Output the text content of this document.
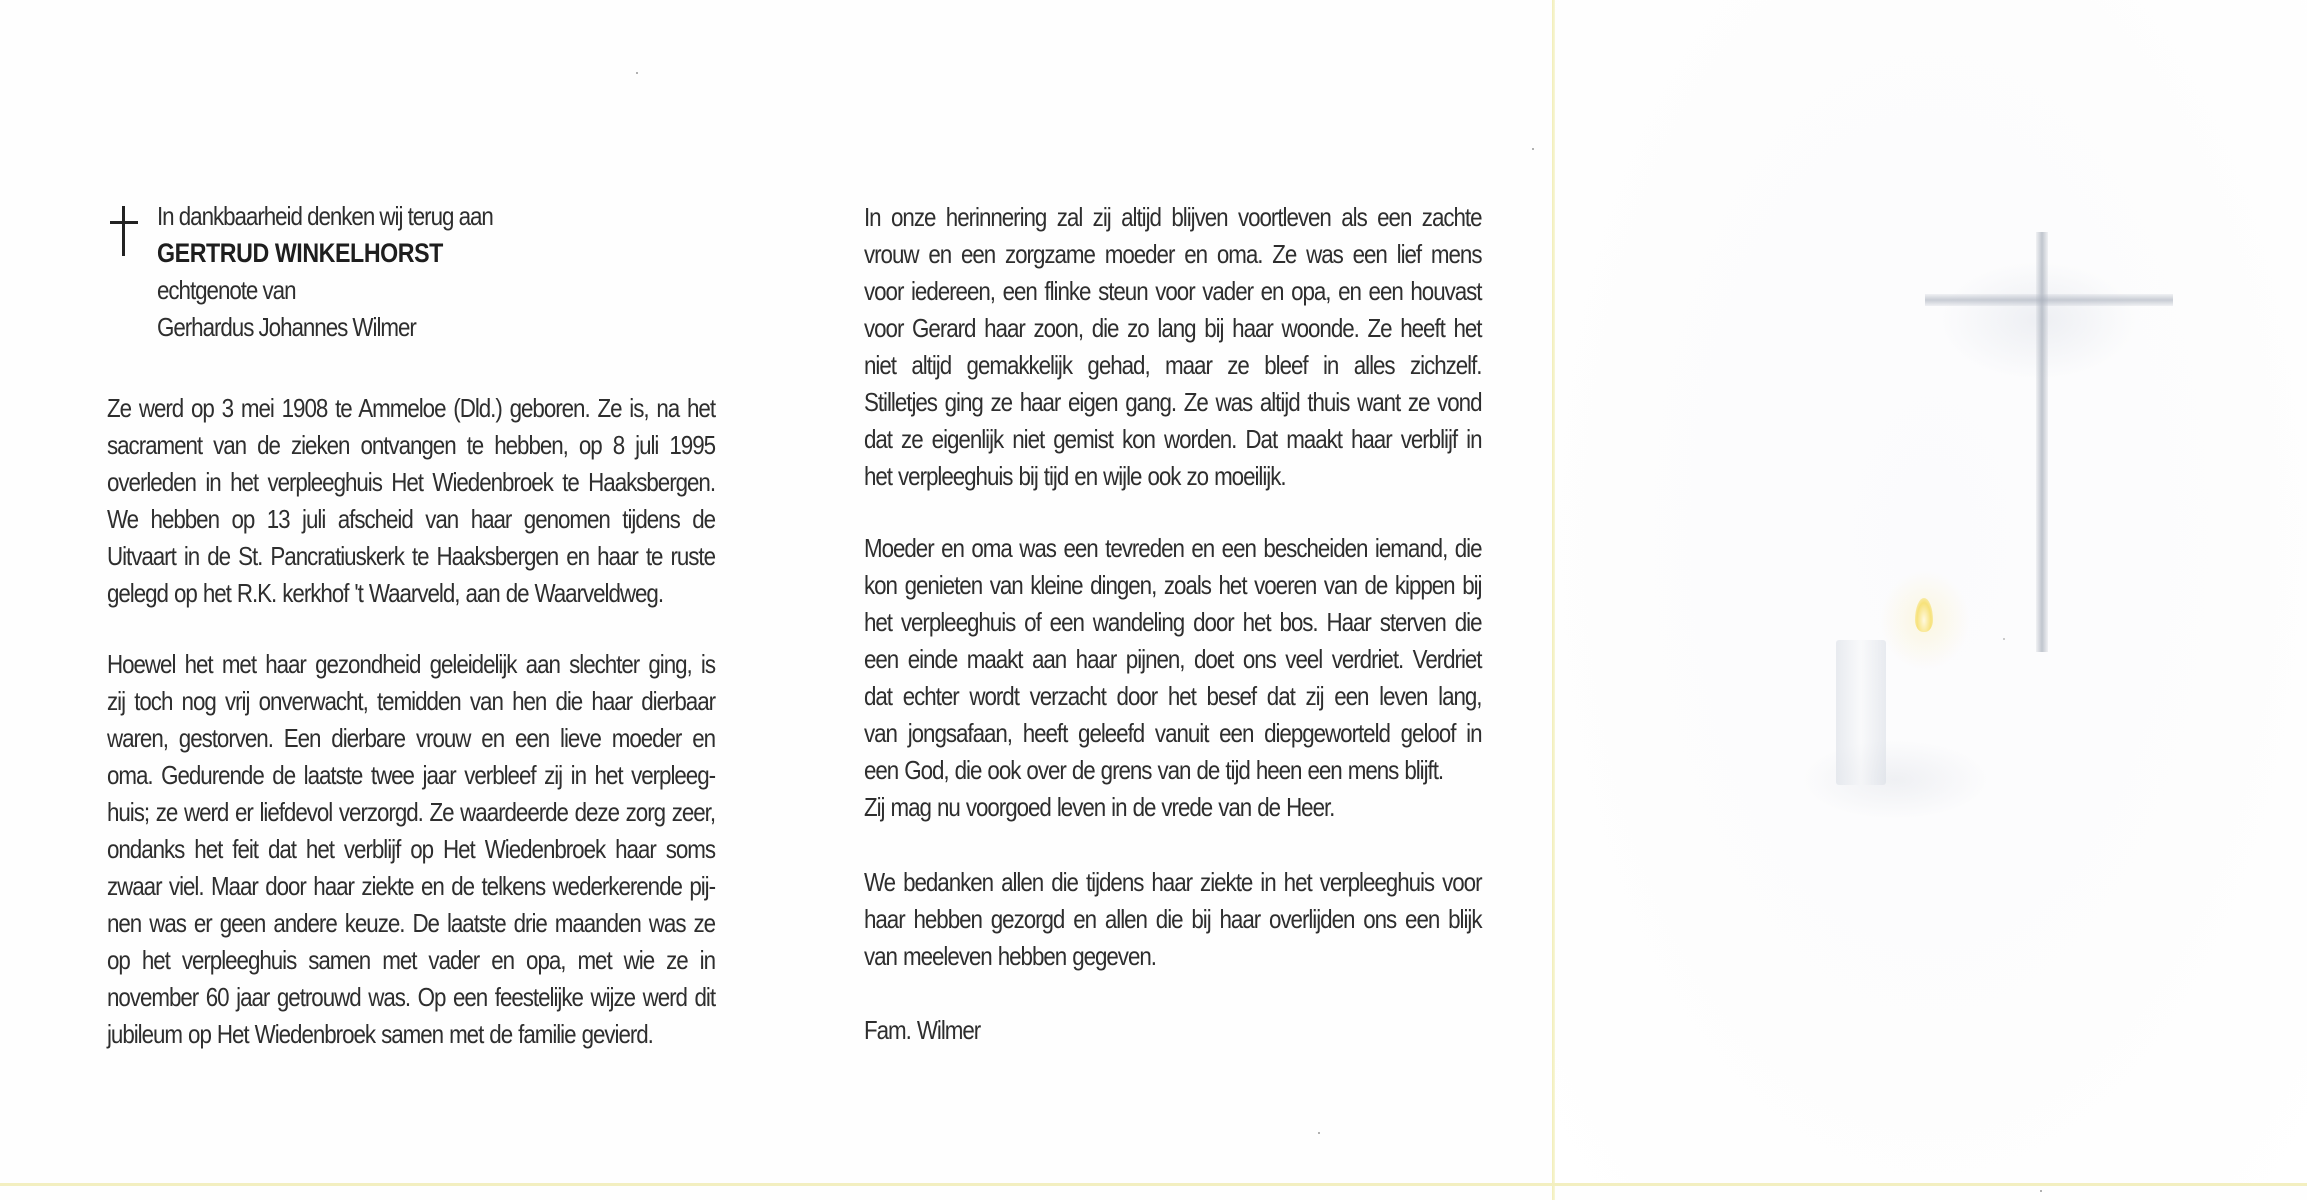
In dankbaarheid denken wij terug aan
GERTRUD WINKELHORST
echtgenote van
Gerhardus Johannes Wilmer
Ze werd op 3 mei 1908 te Ammeloe (Dld.) geboren. Ze is, na het
sacrament van de zieken ontvangen te hebben, op 8 juli 1995
overleden in het verpleeghuis Het Wiedenbroek te Haaksbergen.
We hebben op 13 juli afscheid van haar genomen tijdens de
Uitvaart in de St. Pancratiuskerk te Haaksbergen en haar te ruste
gelegd op het R.K. kerkhof 't Waarveld, aan de Waarveldweg.
Hoewel het met haar gezondheid geleidelijk aan slechter ging, is
zij toch nog vrij onverwacht, temidden van hen die haar dierbaar
waren, gestorven. Een dierbare vrouw en een lieve moeder en
oma. Gedurende de laatste twee jaar verbleef zij in het verpleeg-
huis; ze werd er liefdevol verzorgd. Ze waardeerde deze zorg zeer,
ondanks het feit dat het verblijf op Het Wiedenbroek haar soms
zwaar viel. Maar door haar ziekte en de telkens wederkerende pij-
nen was er geen andere keuze. De laatste drie maanden was ze
op het verpleeghuis samen met vader en opa, met wie ze in
november 60 jaar getrouwd was. Op een feestelijke wijze werd dit
jubileum op Het Wiedenbroek samen met de familie gevierd.
In onze herinnering zal zij altijd blijven voortleven als een zachte
vrouw en een zorgzame moeder en oma. Ze was een lief mens
voor iedereen, een flinke steun voor vader en opa, en een houvast
voor Gerard haar zoon, die zo lang bij haar woonde. Ze heeft het
niet altijd gemakkelijk gehad, maar ze bleef in alles zichzelf.
Stilletjes ging ze haar eigen gang. Ze was altijd thuis want ze vond
dat ze eigenlijk niet gemist kon worden. Dat maakt haar verblijf in
het verpleeghuis bij tijd en wijle ook zo moeilijk.
Moeder en oma was een tevreden en een bescheiden iemand, die
kon genieten van kleine dingen, zoals het voeren van de kippen bij
het verpleeghuis of een wandeling door het bos. Haar sterven die
een einde maakt aan haar pijnen, doet ons veel verdriet. Verdriet
dat echter wordt verzacht door het besef dat zij een leven lang,
van jongsafaan, heeft geleefd vanuit een diepgeworteld geloof in
een God, die ook over de grens van de tijd heen een mens blijft.
Zij mag nu voorgoed leven in de vrede van de Heer.
We bedanken allen die tijdens haar ziekte in het verpleeghuis voor
haar hebben gezorgd en allen die bij haar overlijden ons een blijk
van meeleven hebben gegeven.
Fam. Wilmer
